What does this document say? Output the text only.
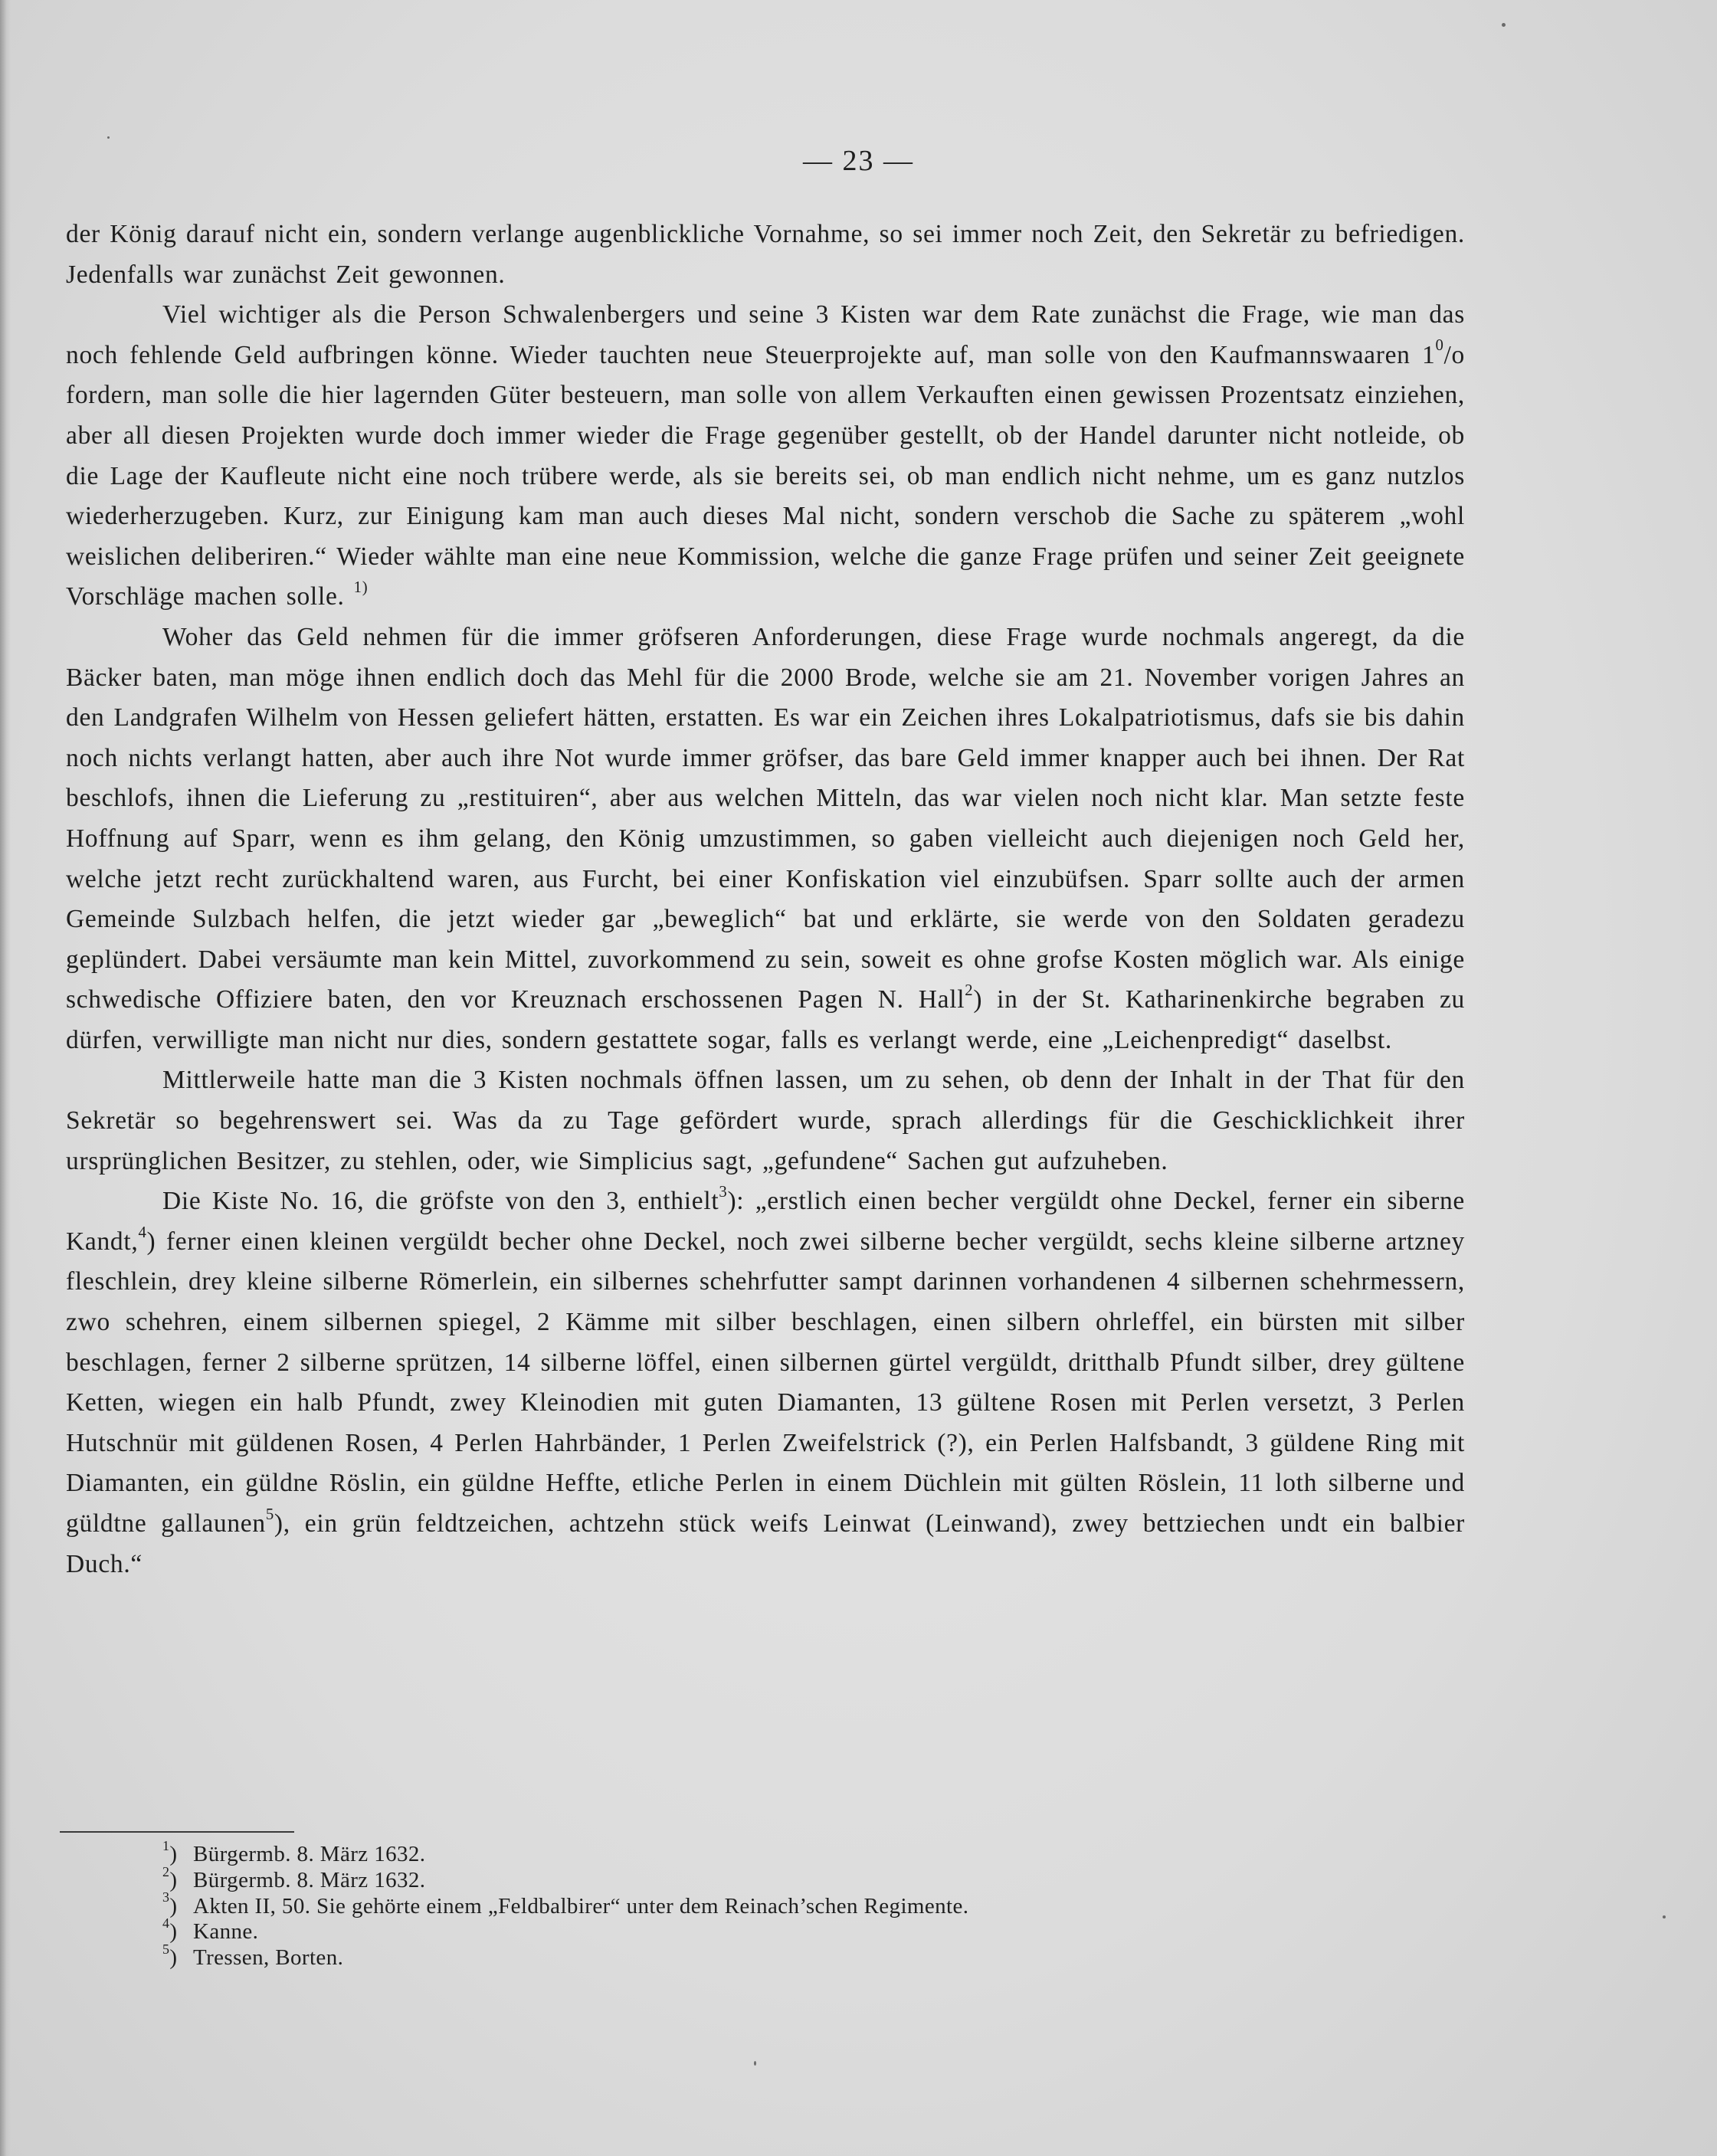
— 23 —

der König darauf nicht ein, sondern verlange augenblickliche Vornahme, so sei immer noch Zeit, den Sekretär zu befriedigen. Jedenfalls war zunächst Zeit gewonnen.

Viel wichtiger als die Person Schwalenbergers und seine 3 Kisten war dem Rate zunächst die Frage, wie man das noch fehlende Geld aufbringen könne. Wieder tauchten neue Steuerprojekte auf, man solle von den Kaufmannswaaren $1^0/o$ fordern, man solle die hier lagernden Güter besteuern, man solle von allem Verkauften einen gewissen Prozentsatz einziehen, aber all diesen Projekten wurde doch immer wieder die Frage gegenüber gestellt, ob der Handel darunter nicht notleide, ob die Lage der Kaufleute nicht eine noch trübere werde, als sie bereits sei, ob man endlich nicht nehme, um es ganz nutzlos wiederherzugeben. Kurz, zur Einigung kam man auch dieses Mal nicht, sondern verschob die Sache zu späterem „wohl weislichen deliberiren.“ Wieder wählte man eine neue Kommission, welche die ganze Frage prüfen und seiner Zeit geeignete Vorschläge machen solle. $^{1)}$

Woher das Geld nehmen für die immer gröfseren Anforderungen, diese Frage wurde nochmals angeregt, da die Bäcker baten, man möge ihnen endlich doch das Mehl für die 2000 Brode, welche sie am 21. November vorigen Jahres an den Landgrafen Wilhelm von Hessen geliefert hätten, erstatten. Es war ein Zeichen ihres Lokalpatriotismus, dafs sie bis dahin noch nichts verlangt hatten, aber auch ihre Not wurde immer gröfser, das bare Geld immer knapper auch bei ihnen. Der Rat beschlofs, ihnen die Lieferung zu „restituiren“, aber aus welchen Mitteln, das war vielen noch nicht klar. Man setzte feste Hoffnung auf Sparr, wenn es ihm gelang, den König umzustimmen, so gaben vielleicht auch diejenigen noch Geld her, welche jetzt recht zurückhaltend waren, aus Furcht, bei einer Konfiskation viel einzubüfsen. Sparr sollte auch der armen Gemeinde Sulzbach helfen, die jetzt wieder gar „beweglich“ bat und erklärte, sie werde von den Soldaten geradezu geplündert. Dabei versäumte man kein Mittel, zuvorkommend zu sein, soweit es ohne grofse Kosten möglich war. Als einige schwedische Offiziere baten, den vor Kreuznach erschossenen Pagen N. Hall$^2$) in der St. Katharinenkirche begraben zu dürfen, verwilligte man nicht nur dies, sondern gestattete sogar, falls es verlangt werde, eine „Leichenpredigt“ daselbst.

Mittlerweile hatte man die 3 Kisten nochmals öffnen lassen, um zu sehen, ob denn der Inhalt in der That für den Sekretär so begehrenswert sei. Was da zu Tage gefördert wurde, sprach allerdings für die Geschicklichkeit ihrer ursprünglichen Besitzer, zu stehlen, oder, wie Simplicius sagt, „gefundene“ Sachen gut aufzuheben.

Die Kiste No. 16, die gröfste von den 3, enthielt$^3$): „erstlich einen becher vergüldt ohne Deckel, ferner ein siberne Kandt,$^4$) ferner einen kleinen vergüldt becher ohne Deckel, noch zwei silberne becher vergüldt, sechs kleine silberne artzney fleschlein, drey kleine silberne Römerlein, ein silbernes schehrfutter sampt darinnen vorhandenen 4 silbernen schehrmessern, zwo schehren, einem silbernen spiegel, 2 Kämme mit silber beschlagen, einen silbern ohrleffel, ein bürsten mit silber beschlagen, ferner 2 silberne sprützen, 14 silberne löffel, einen silbernen gürtel vergüldt, dritthalb Pfundt silber, drey gültene Ketten, wiegen ein halb Pfundt, zwey Kleinodien mit guten Diamanten, 13 gültene Rosen mit Perlen versetzt, 3 Perlen Hutschnür mit güldenen Rosen, 4 Perlen Hahrbänder, 1 Perlen Zweifelstrick (?), ein Perlen Halfsbandt, 3 güldene Ring mit Diamanten, ein güldne Röslin, ein güldne Heffte, etliche Perlen in einem Düchlein mit gülten Röslein, 11 loth silberne und güldtne gallaunen$^5$), ein grün feldtzeichen, achtzehn stück weifs Leinwat (Leinwand), zwey bettziechen undt ein balbier Duch.“

$^1$) Bürgermb. 8. März 1632.
$^2$) Bürgermb. 8. März 1632.
$^3$) Akten II, 50. Sie gehörte einem „Feldbalbirer“ unter dem Reinach’schen Regimente.
$^4$) Kanne.
$^5$) Tressen, Borten.
